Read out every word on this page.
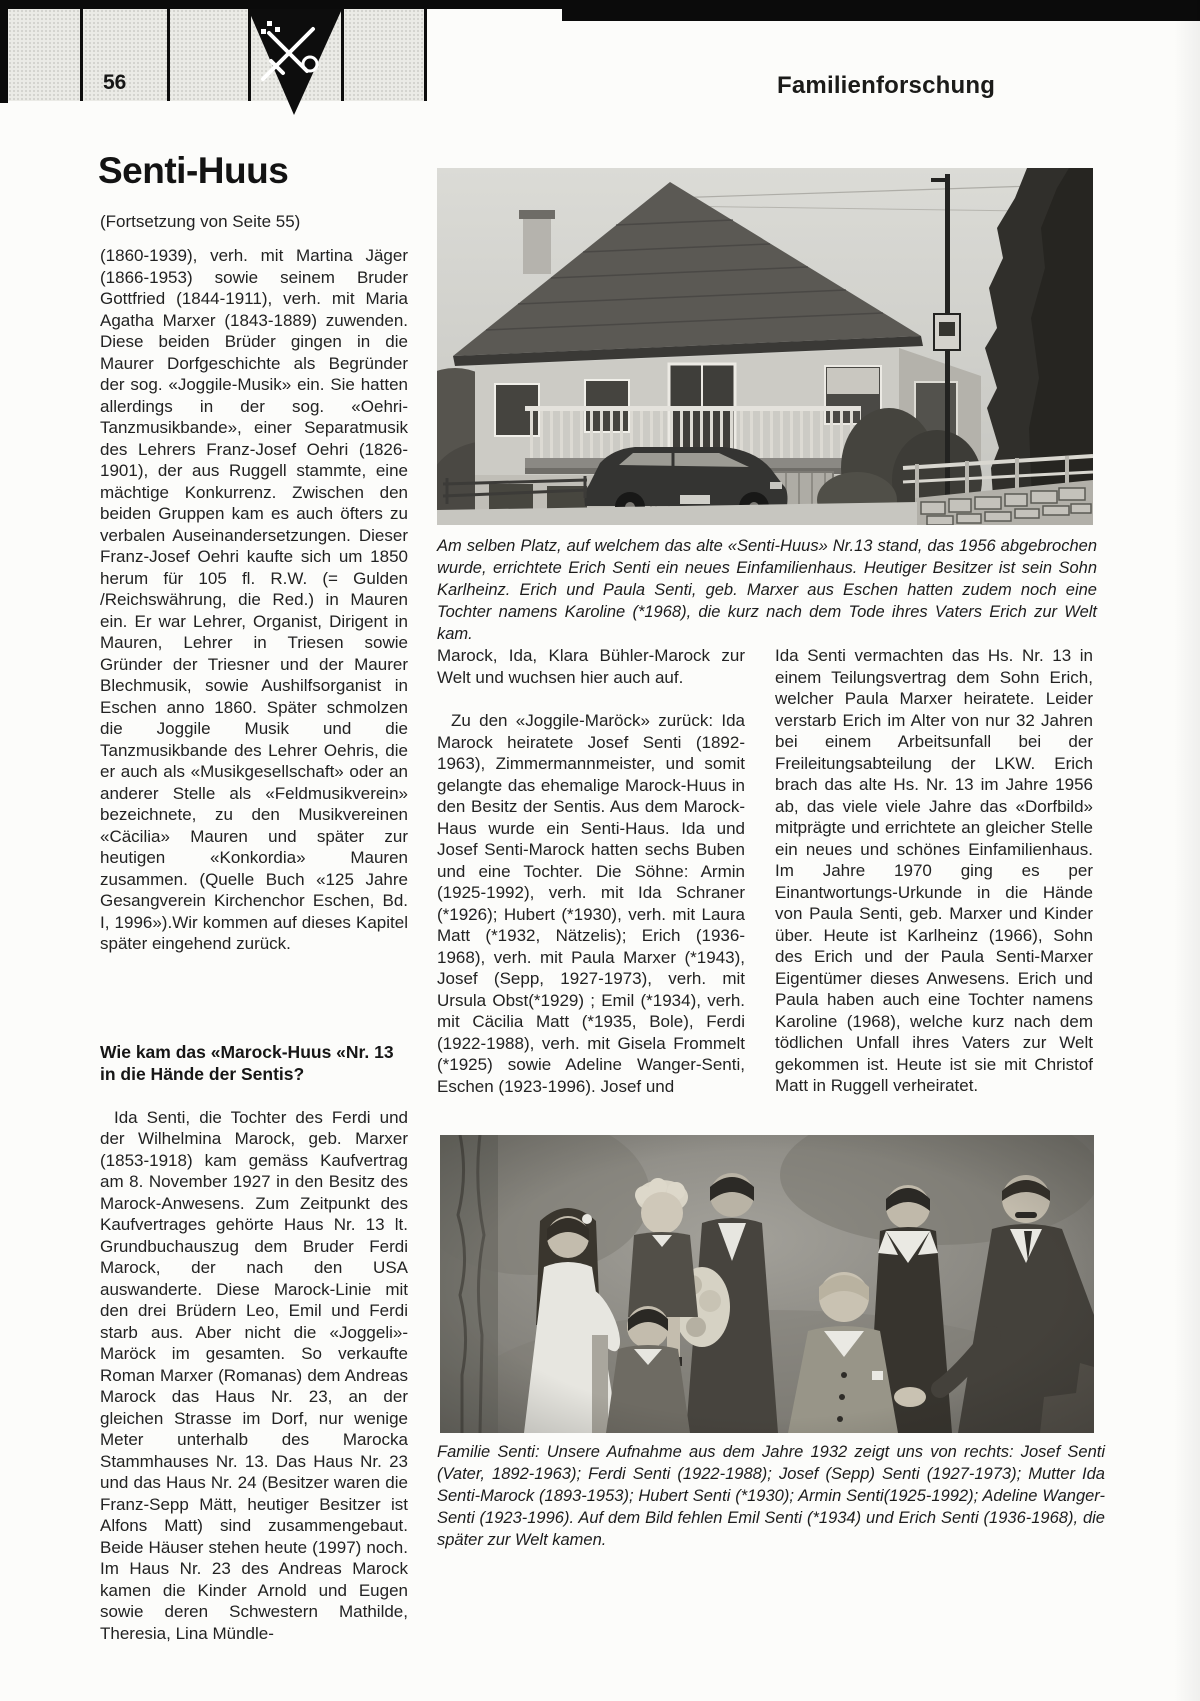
56	Familienforschung
Senti-Huus
(Fortsetzung von Seite 55)

(1860-1939), verh. mit Martina Jäger (1866-1953) sowie seinem Bruder Gottfried (1844-1911), verh. mit Maria Agatha Marxer (1843-1889) zuwenden. Diese beiden Brüder gingen in die Maurer Dorfgeschichte als Begründer der sog. «Joggile-Musik» ein. Sie hatten allerdings in der sog. «Oehri-Tanzmusikbande», einer Separatmusik des Lehrers Franz-Josef Oehri (1826-1901), der aus Ruggell stammte, eine mächtige Konkurrenz. Zwischen den beiden Gruppen kam es auch öfters zu verbalen Auseinandersetzungen. Dieser Franz-Josef Oehri kaufte sich um 1850 herum für 105 fl. R.W. (= Gulden /Reichswährung, die Red.) in Mauren ein. Er war Lehrer, Organist, Dirigent in Mauren, Lehrer in Triesen sowie Gründer der Triesner und der Maurer Blechmusik, sowie Aushilfsorganist in Eschen anno 1860. Später schmolzen die Joggile Musik und die Tanzmusikbande des Lehrer Oehris, die er auch als «Musikgesellschaft» oder an anderer Stelle als «Feldmusikverein» bezeichnete, zu den Musikvereinen «Cäcilia» Mauren und später zur heutigen «Konkordia» Mauren zusammen. (Quelle Buch «125 Jahre Gesangverein Kirchenchor Eschen, Bd. I, 1996»).Wir kommen auf dieses Kapitel später eingehend zurück.

Wie kam das «Marock-Huus «Nr. 13 in die Hände der Sentis?

Ida Senti, die Tochter des Ferdi und der Wilhelmina Marock, geb. Marxer (1853-1918) kam gemäss Kaufvertrag am 8. November 1927 in den Besitz des Marock-Anwesens. Zum Zeitpunkt des Kaufvertrages gehörte Haus Nr. 13 lt. Grundbuchauszug dem Bruder Ferdi Marock, der nach den USA auswanderte. Diese Marock-Linie mit den drei Brüdern Leo, Emil und Ferdi starb aus. Aber nicht die «Joggeli»-Maröck im gesamten. So verkaufte Roman Marxer (Romanas) dem Andreas Marock das Haus Nr. 23, an der gleichen Strasse im Dorf, nur wenige Meter unterhalb des Marocka Stammhauses Nr. 13. Das Haus Nr. 23 und das Haus Nr. 24 (Besitzer waren die Franz-Sepp Mätt, heutiger Besitzer ist Alfons Matt) sind zusammengebaut. Beide Häuser stehen heute (1997) noch. Im Haus Nr. 23 des Andreas Marock kamen die Kinder Arnold und Eugen sowie deren Schwestern Mathilde, Theresia, Lina Mündle-

Am selben Platz, auf welchem das alte «Senti-Huus» Nr.13 stand, das 1956 abgebrochen wurde, errichtete Erich Senti ein neues Einfamilienhaus. Heutiger Besitzer ist sein Sohn Karlheinz. Erich und Paula Senti, geb. Marxer aus Eschen hatten zudem noch eine Tochter namens Karoline (*1968), die kurz nach dem Tode ihres Vaters Erich zur Welt kam.

Marock, Ida, Klara Bühler-Marock zur Welt und wuchsen hier auch auf.

Zu den «Joggile-Maröck» zurück: Ida Marock heiratete Josef Senti (1892-1963), Zimmermannmeister, und somit gelangte das ehemalige Marock-Huus in den Besitz der Sentis. Aus dem Marock-Haus wurde ein Senti-Haus. Ida und Josef Senti-Marock hatten sechs Buben und eine Tochter. Die Söhne: Armin (1925-1992), verh. mit Ida Schraner (*1926); Hubert (*1930), verh. mit Laura Matt (*1932, Nätzelis); Erich (1936-1968), verh. mit Paula Marxer (*1943), Josef (Sepp, 1927-1973), verh. mit Ursula Obst(*1929) ; Emil (*1934), verh. mit Cäcilia Matt (*1935, Bole), Ferdi (1922-1988), verh. mit Gisela Frommelt (*1925) sowie Adeline Wanger-Senti, Eschen (1923-1996). Josef und

Ida Senti vermachten das Hs. Nr. 13 in einem Teilungsvertrag dem Sohn Erich, welcher Paula Marxer heiratete. Leider verstarb Erich im Alter von nur 32 Jahren bei einem Arbeitsunfall bei der Freileitungsabteilung der LKW. Erich brach das alte Hs. Nr. 13 im Jahre 1956 ab, das viele viele Jahre das «Dorfbild» mitprägte und errichtete an gleicher Stelle ein neues und schönes Einfamilienhaus. Im Jahre 1970 ging es per Einantwortungs-Urkunde in die Hände von Paula Senti, geb. Marxer und Kinder über. Heute ist Karlheinz (1966), Sohn des Erich und der Paula Senti-Marxer Eigentümer dieses Anwesens. Erich und Paula haben auch eine Tochter namens Karoline (1968), welche kurz nach dem tödlichen Unfall ihres Vaters zur Welt gekommen ist. Heute ist sie mit Christof Matt in Ruggell verheiratet.

Familie Senti: Unsere Aufnahme aus dem Jahre 1932 zeigt uns von rechts: Josef Senti (Vater, 1892-1963); Ferdi Senti (1922-1988); Josef (Sepp) Senti (1927-1973); Mutter Ida Senti-Marock (1893-1953); Hubert Senti (*1930); Armin Senti(1925-1992); Adeline Wanger-Senti (1923-1996). Auf dem Bild fehlen Emil Senti (*1934) und Erich Senti (1936-1968), die später zur Welt kamen.
